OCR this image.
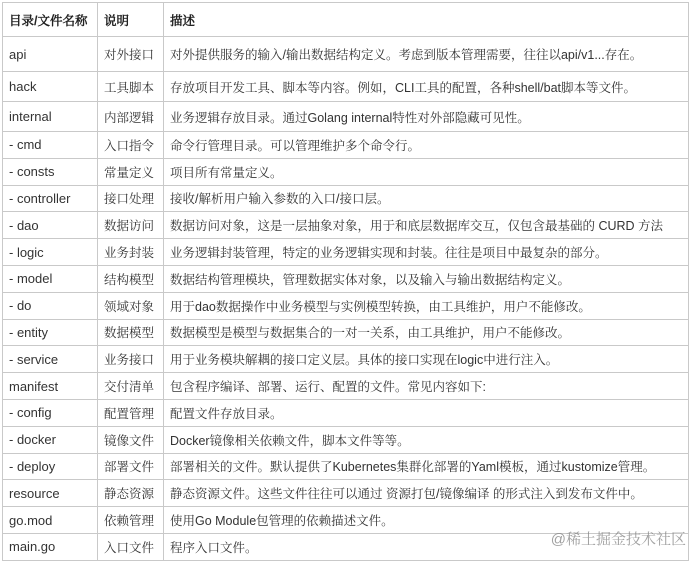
目录/文件名称	说明	描述
api	对外接口	对外提供服务的输入/输出数据结构定义。考虑到版本管理需要，往往以api/v1...存在。
hack	工具脚本	存放项目开发工具、脚本等内容。例如，CLI工具的配置，各种shell/bat脚本等文件。
internal	内部逻辑	业务逻辑存放目录。通过Golang internal特性对外部隐藏可见性。
- cmd	入口指令	命令行管理目录。可以管理维护多个命令行。
- consts	常量定义	项目所有常量定义。
- controller	接口处理	接收/解析用户输入参数的入口/接口层。
- dao	数据访问	数据访问对象，这是一层抽象对象，用于和底层数据库交互，仅包含最基础的 CURD 方法
- logic	业务封装	业务逻辑封装管理，特定的业务逻辑实现和封装。往往是项目中最复杂的部分。
- model	结构模型	数据结构管理模块，管理数据实体对象，以及输入与输出数据结构定义。
- do	领域对象	用于dao数据操作中业务模型与实例模型转换，由工具维护，用户不能修改。
- entity	数据模型	数据模型是模型与数据集合的一对一关系，由工具维护，用户不能修改。
- service	业务接口	用于业务模块解耦的接口定义层。具体的接口实现在logic中进行注入。
manifest	交付清单	包含程序编译、部署、运行、配置的文件。常见内容如下:
- config	配置管理	配置文件存放目录。
- docker	镜像文件	Docker镜像相关依赖文件，脚本文件等等。
- deploy	部署文件	部署相关的文件。默认提供了Kubernetes集群化部署的Yaml模板，通过kustomize管理。
resource	静态资源	静态资源文件。这些文件往往可以通过 资源打包/镜像编译 的形式注入到发布文件中。
go.mod	依赖管理	使用Go Module包管理的依赖描述文件。
main.go	入口文件	程序入口文件。	@稀土掘金技术社区
